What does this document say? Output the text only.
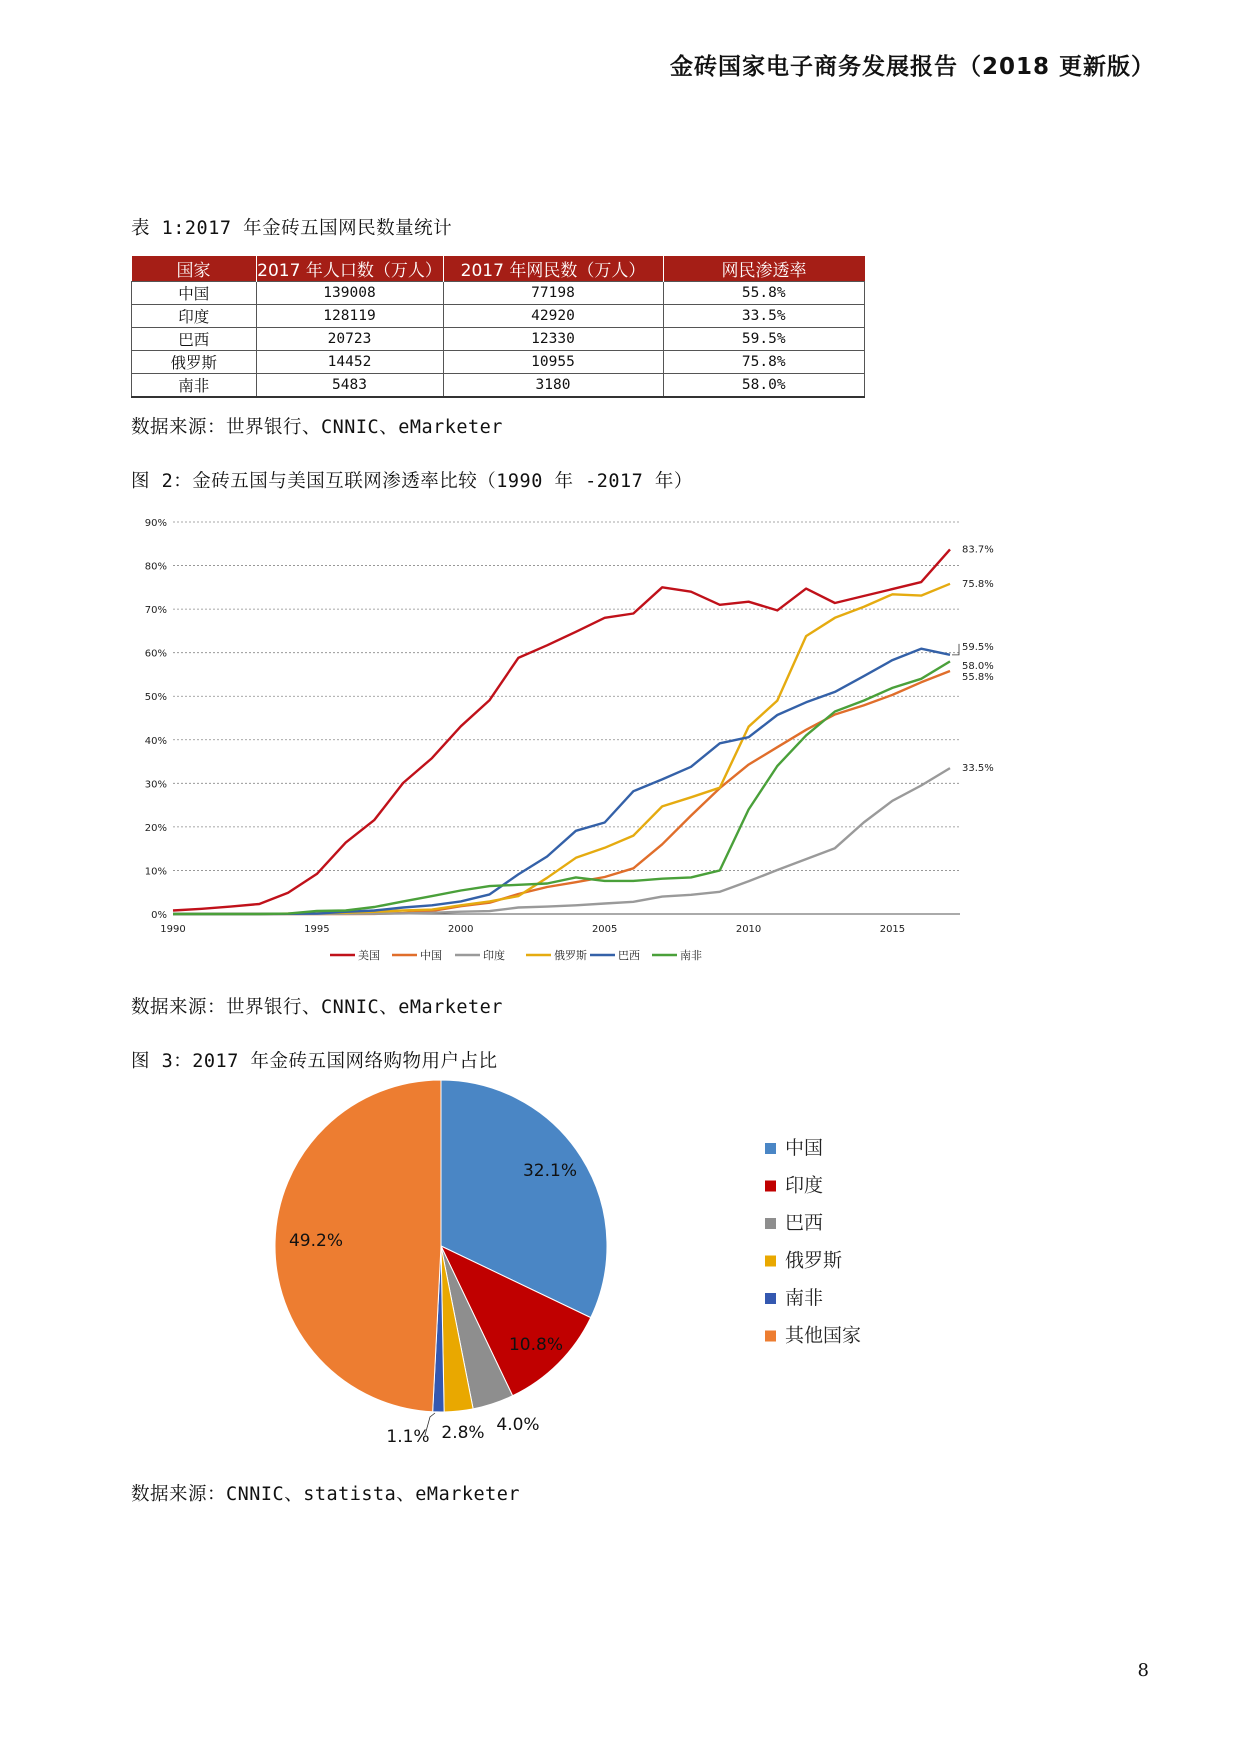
金砖国家电子商务发展报告（2018 更新版）
表 1:2017 年金砖五国网民数量统计
国家	2017 年人口数（万人）	2017 年网民数（万人）	网民渗透率
中国	139008	77198	55.8%
印度	128119	42920	33.5%
巴西	20723	12330	59.5%
俄罗斯	14452	10955	75.8%
南非	5483	3180	58.0%
数据来源：世界银行、CNNIC、eMarketer
图 2：金砖五国与美国互联网渗透率比较（1990 年 -2017 年）
0%
10%
20%
30%
40%
50%
60%
70%
80%
90%
1990	1995	2000	2005	2010	2015
83.7%
75.8%
59.5%
58.0%
55.8%
33.5%
美国	中国	印度	俄罗斯	巴西	南非
数据来源：世界银行、CNNIC、eMarketer
图 3：2017 年金砖五国网络购物用户占比
32.1%
10.8%
4.0%
2.8%
1.1%
49.2%
中国
印度
巴西
俄罗斯
南非
其他国家
数据来源：CNNIC、statista、eMarketer
8
